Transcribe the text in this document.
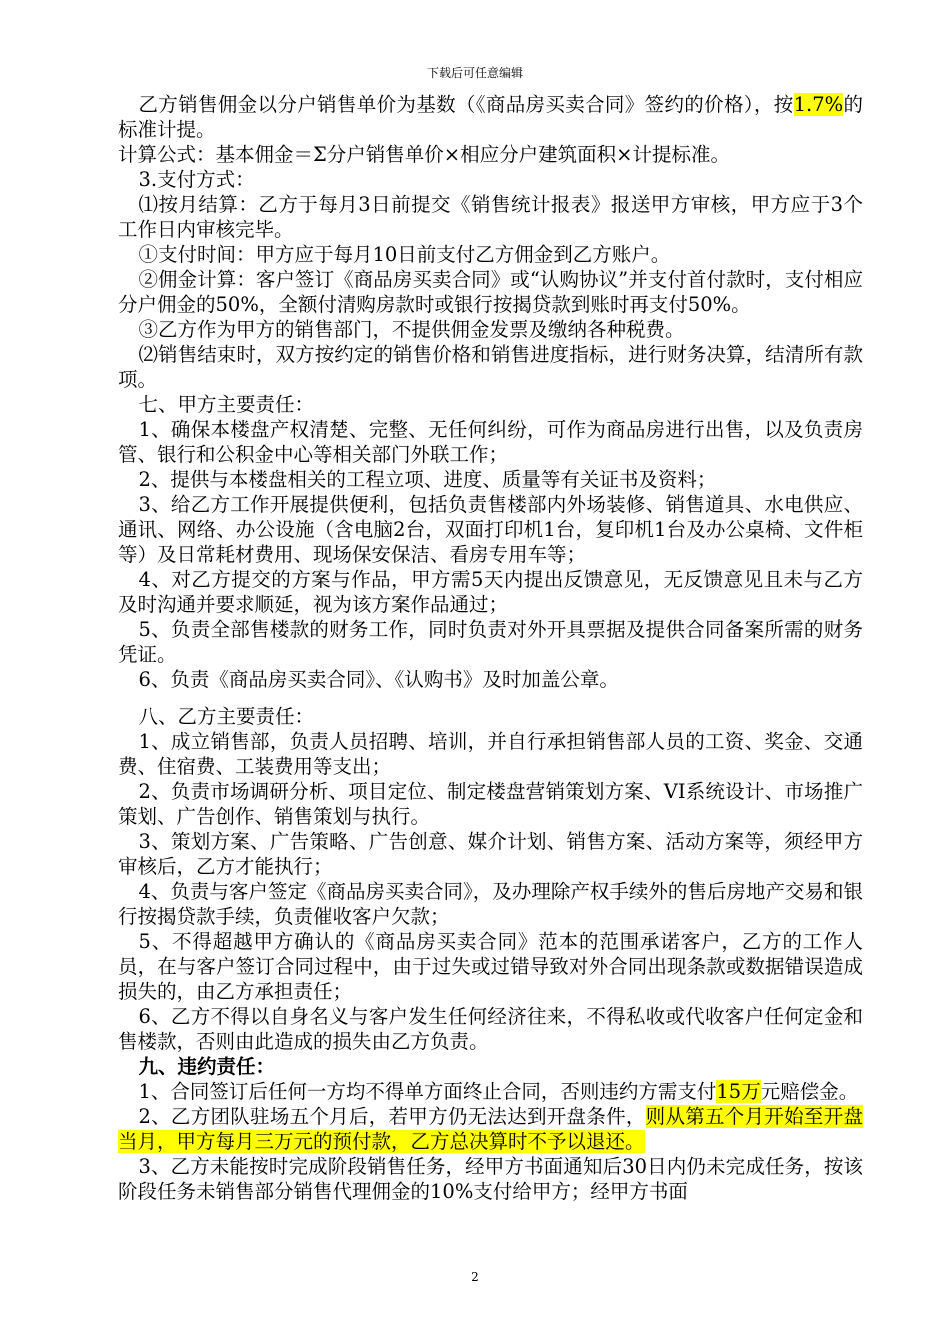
下载后可任意编辑

乙方销售佣金以分户销售单价为基数（《商品房买卖合同》签约的价格），按1.7%的标准计提。

计算公式：基本佣金＝Σ分户销售单价×相应分户建筑面积×计提标准。

3.支付方式：

⑴按月结算：乙方于每月3日前提交《销售统计报表》报送甲方审核，甲方应于3个工作日内审核完毕。

①支付时间：甲方应于每月10日前支付乙方佣金到乙方账户。

②佣金计算：客户签订《商品房买卖合同》或“认购协议”并支付首付款时，支付相应分户佣金的50%，全额付清购房款时或银行按揭贷款到账时再支付50%。

③乙方作为甲方的销售部门，不提供佣金发票及缴纳各种税费。

⑵销售结束时，双方按约定的销售价格和销售进度指标，进行财务决算，结清所有款项。

七、甲方主要责任：

1、确保本楼盘产权清楚、完整、无任何纠纷，可作为商品房进行出售，以及负责房管、银行和公积金中心等相关部门外联工作；

2、提供与本楼盘相关的工程立项、进度、质量等有关证书及资料；

3、给乙方工作开展提供便利，包括负责售楼部内外场装修、销售道具、水电供应、通讯、网络、办公设施（含电脑2台，双面打印机1台，复印机1台及办公桌椅、文件柜等）及日常耗材费用、现场保安保洁、看房专用车等；

4、对乙方提交的方案与作品，甲方需5天内提出反馈意见，无反馈意见且未与乙方及时沟通并要求顺延，视为该方案作品通过；

5、负责全部售楼款的财务工作，同时负责对外开具票据及提供合同备案所需的财务凭证。

6、负责《商品房买卖合同》、《认购书》及时加盖公章。

八、乙方主要责任：

1、成立销售部，负责人员招聘、培训，并自行承担销售部人员的工资、奖金、交通费、住宿费、工装费用等支出；

2、负责市场调研分析、项目定位、制定楼盘营销策划方案、VI系统设计、市场推广策划、广告创作、销售策划与执行。

3、策划方案、广告策略、广告创意、媒介计划、销售方案、活动方案等，须经甲方审核后，乙方才能执行；

4、负责与客户签定《商品房买卖合同》，及办理除产权手续外的售后房地产交易和银行按揭贷款手续，负责催收客户欠款；

5、不得超越甲方确认的《商品房买卖合同》范本的范围承诺客户，乙方的工作人员，在与客户签订合同过程中，由于过失或过错导致对外合同出现条款或数据错误造成损失的，由乙方承担责任；

6、乙方不得以自身名义与客户发生任何经济往来，不得私收或代收客户任何定金和售楼款，否则由此造成的损失由乙方负责。

九、违约责任：

1、合同签订后任何一方均不得单方面终止合同，否则违约方需支付15万元赔偿金。

2、乙方团队驻场五个月后，若甲方仍无法达到开盘条件，则从第五个月开始至开盘当月，甲方每月三万元的预付款，乙方总决算时不予以退还。

3、乙方未能按时完成阶段销售任务，经甲方书面通知后30日内仍未完成任务，按该阶段任务未销售部分销售代理佣金的10%支付给甲方；经甲方书面

2
